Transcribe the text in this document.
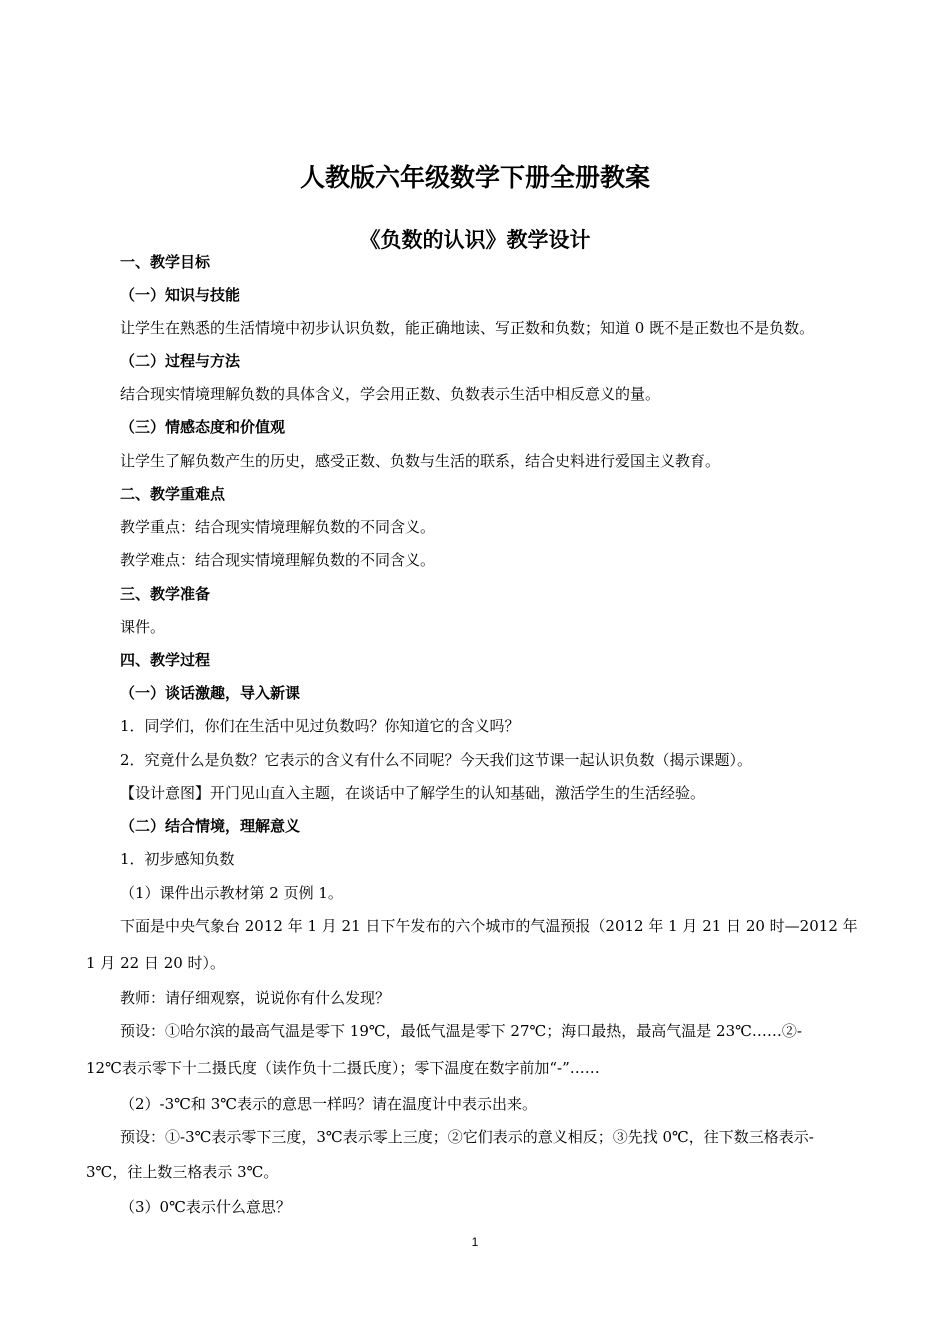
人教版六年级数学下册全册教案
《负数的认识》教学设计
一、教学目标
（一）知识与技能
让学生在熟悉的生活情境中初步认识负数，能正确地读、写正数和负数；知道 0 既不是正数也不是负数。
（二）过程与方法
结合现实情境理解负数的具体含义，学会用正数、负数表示生活中相反意义的量。
（三）情感态度和价值观
让学生了解负数产生的历史，感受正数、负数与生活的联系，结合史料进行爱国主义教育。
二、教学重难点
教学重点：结合现实情境理解负数的不同含义。
教学难点：结合现实情境理解负数的不同含义。
三、教学准备
课件。
四、教学过程
（一）谈话激趣，导入新课
1．同学们，你们在生活中见过负数吗？你知道它的含义吗？
2．究竟什么是负数？它表示的含义有什么不同呢？今天我们这节课一起认识负数（揭示课题）。
【设计意图】开门见山直入主题，在谈话中了解学生的认知基础，激活学生的生活经验。
（二）结合情境，理解意义
1．初步感知负数
（1）课件出示教材第 2 页例 1。
下面是中央气象台 2012 年 1 月 21 日下午发布的六个城市的气温预报（2012 年 1 月 21 日 20 时—2012 年
1 月 22 日 20 时）。
教师：请仔细观察，说说你有什么发现？
预设：①哈尔滨的最高气温是零下 19℃，最低气温是零下 27℃；海口最热，最高气温是 23℃……②-
12℃表示零下十二摄氏度（读作负十二摄氏度）；零下温度在数字前加“-”……
（2）-3℃和 3℃表示的意思一样吗？请在温度计中表示出来。
预设：①-3℃表示零下三度，3℃表示零上三度；②它们表示的意义相反；③先找 0℃，往下数三格表示-
3℃，往上数三格表示 3℃。
（3）0℃表示什么意思？
1
